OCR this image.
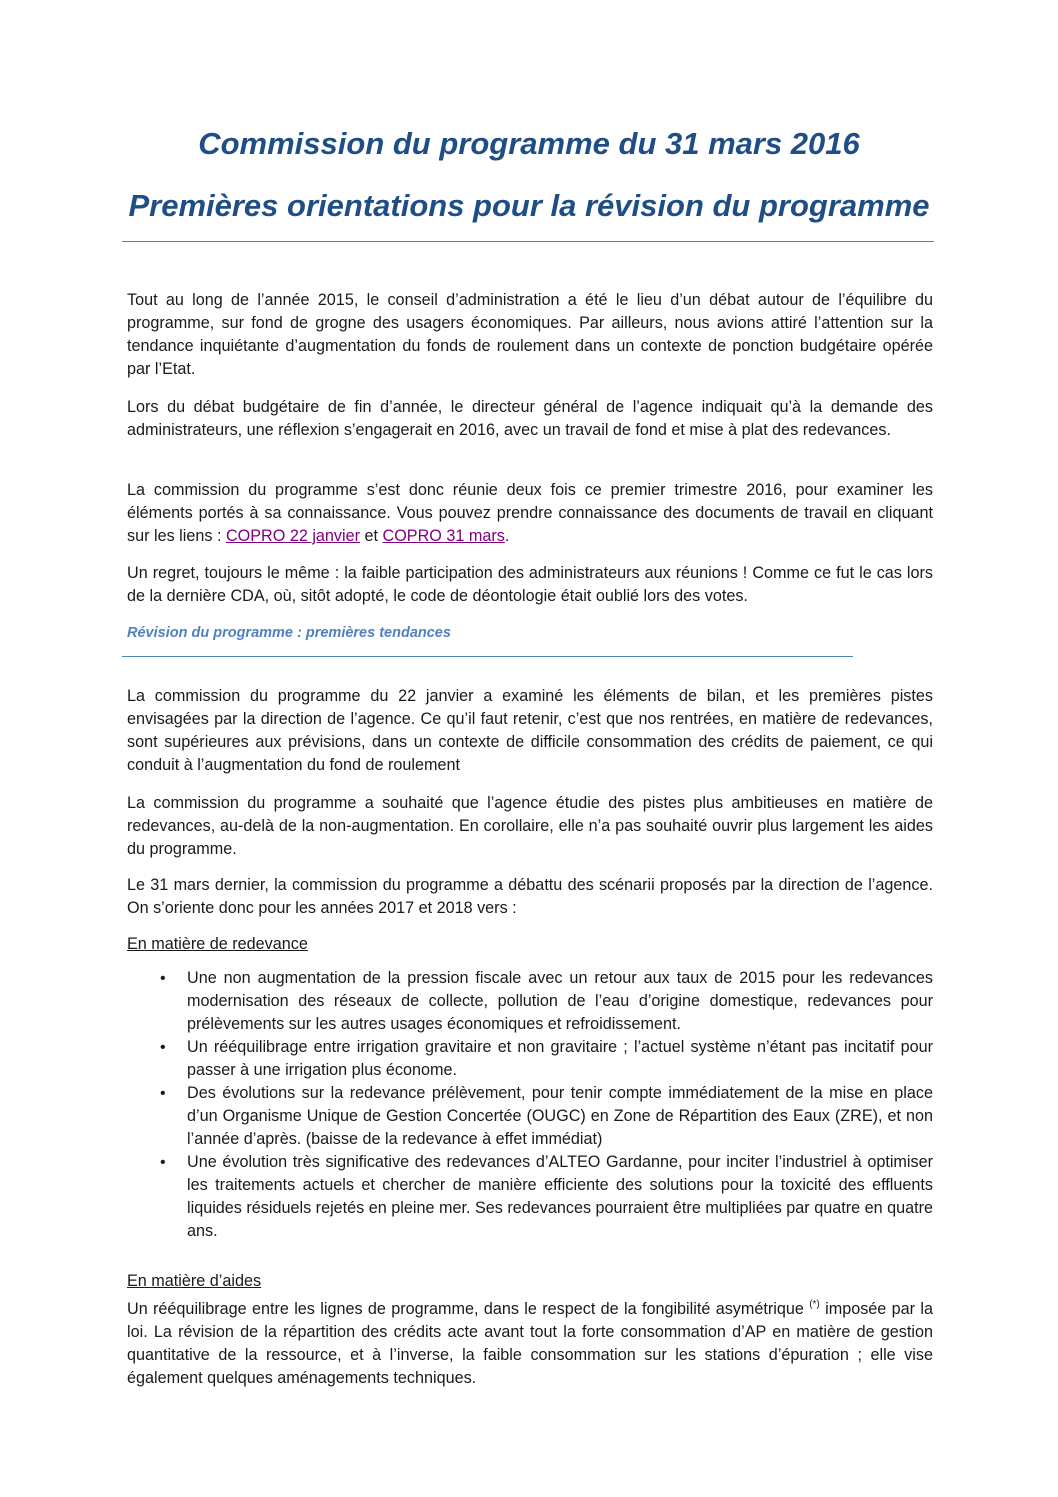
Commission du programme du 31 mars 2016
Premières orientations pour la révision du programme

Tout au long de l’année 2015, le conseil d’administration a été le lieu d’un débat autour de l’équilibre du programme, sur fond de grogne des usagers économiques. Par ailleurs, nous avions attiré l’attention sur la tendance inquiétante d’augmentation du fonds de roulement dans un contexte de ponction budgétaire opérée par l’Etat.

Lors du débat budgétaire de fin d’année, le directeur général de l’agence indiquait qu’à la demande des administrateurs, une réflexion s’engagerait en 2016, avec un travail de fond et mise à plat des redevances.

La commission du programme s’est donc réunie deux fois ce premier trimestre 2016, pour examiner les éléments portés à sa connaissance. Vous pouvez prendre connaissance des documents de travail en cliquant sur les liens : COPRO 22 janvier et COPRO 31 mars.

Un regret, toujours le même : la faible participation des administrateurs aux réunions ! Comme ce fut le cas lors de la dernière CDA, où, sitôt adopté, le code de déontologie était oublié lors des votes.

Révision du programme : premières tendances

La commission du programme du 22 janvier a examiné les éléments de bilan, et les premières pistes envisagées par la direction de l’agence. Ce qu’il faut retenir, c’est que nos rentrées, en matière de redevances, sont supérieures aux prévisions, dans un contexte de difficile consommation des crédits de paiement, ce qui conduit à l’augmentation du fond de roulement

La commission du programme a souhaité que l’agence étudie des pistes plus ambitieuses en matière de redevances, au-delà de la non-augmentation. En corollaire, elle n’a pas souhaité ouvrir plus largement les aides du programme.

Le 31 mars dernier, la commission du programme a débattu des scénarii proposés par la direction de l’agence. On s’oriente donc pour les années 2017 et 2018 vers :

En matière de redevance

• Une non augmentation de la pression fiscale avec un retour aux taux de 2015 pour les redevances modernisation des réseaux de collecte, pollution de l’eau d’origine domestique, redevances pour prélèvements sur les autres usages économiques et refroidissement.
• Un rééquilibrage entre irrigation gravitaire et non gravitaire ; l’actuel système n’étant pas incitatif pour passer à une irrigation plus économe.
• Des évolutions sur la redevance prélèvement, pour tenir compte immédiatement de la mise en place d’un Organisme Unique de Gestion Concertée (OUGC) en Zone de Répartition des Eaux (ZRE), et non l’année d’après. (baisse de la redevance à effet immédiat)
• Une évolution très significative des redevances d’ALTEO Gardanne, pour inciter l’industriel à optimiser les traitements actuels et chercher de manière efficiente des solutions pour la toxicité des effluents liquides résiduels rejetés en pleine mer. Ses redevances pourraient être multipliées par quatre en quatre ans.

En matière d’aides

Un rééquilibrage entre les lignes de programme, dans le respect de la fongibilité asymétrique (*) imposée par la loi. La révision de la répartition des crédits acte avant tout la forte consommation d’AP en matière de gestion quantitative de la ressource, et à l’inverse, la faible consommation sur les stations d’épuration ; elle vise également quelques aménagements techniques.
